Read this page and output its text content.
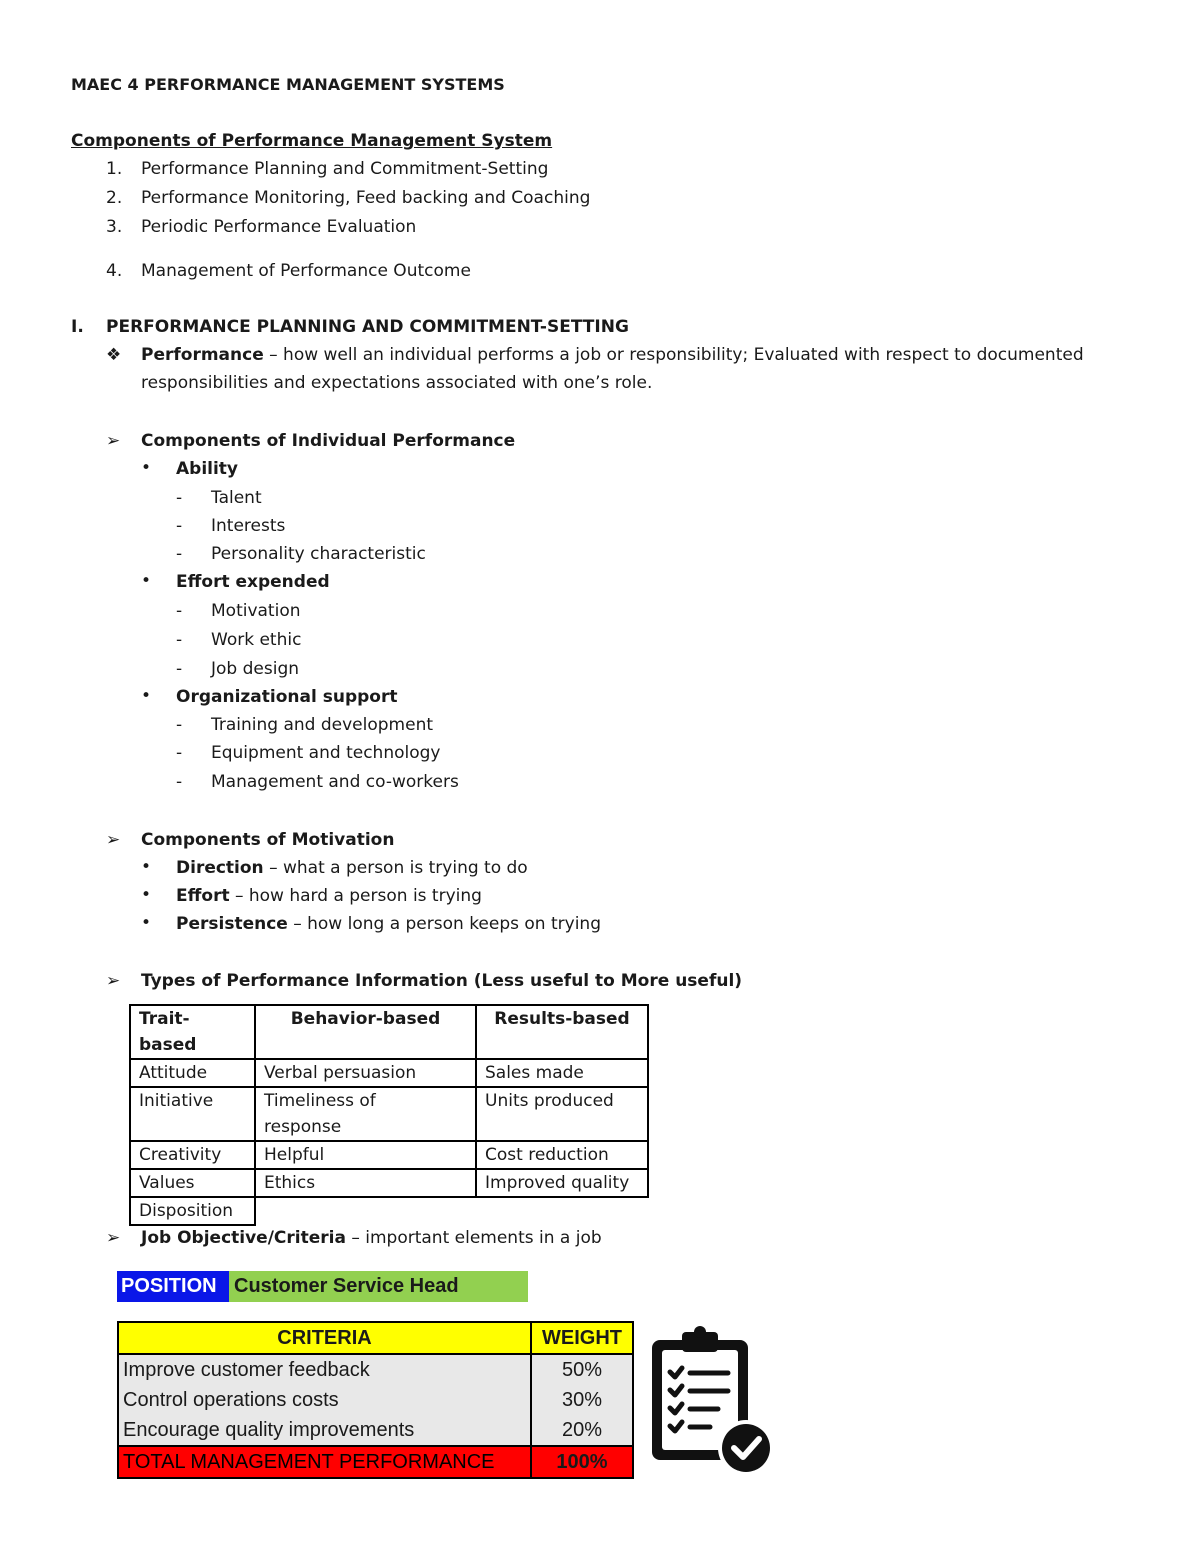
MAEC 4 PERFORMANCE MANAGEMENT SYSTEMS
Components of Performance Management System
1. Performance Planning and Commitment-Setting
2. Performance Monitoring, Feed backing and Coaching
3. Periodic Performance Evaluation
4. Management of Performance Outcome
I. PERFORMANCE PLANNING AND COMMITMENT-SETTING
❖ Performance – how well an individual performs a job or responsibility; Evaluated with respect to documented
responsibilities and expectations associated with one’s role.
➢ Components of Individual Performance
• Ability
- Talent
- Interests
- Personality characteristic
• Effort expended
- Motivation
- Work ethic
- Job design
• Organizational support
- Training and development
- Equipment and technology
- Management and co-workers
➢ Components of Motivation
• Direction – what a person is trying to do
• Effort – how hard a person is trying
• Persistence – how long a person keeps on trying
➢ Types of Performance Information (Less useful to More useful)
Trait-based	Behavior-based	Results-based
Attitude	Verbal persuasion	Sales made
Initiative	Timeliness of response	Units produced
Creativity	Helpful	Cost reduction
Values	Ethics	Improved quality
Disposition		
➢ Job Objective/Criteria – important elements in a job
POSITION Customer Service Head
CRITERIA	WEIGHT
Improve customer feedback	50%
Control operations costs	30%
Encourage quality improvements	20%
TOTAL MANAGEMENT PERFORMANCE	100%
